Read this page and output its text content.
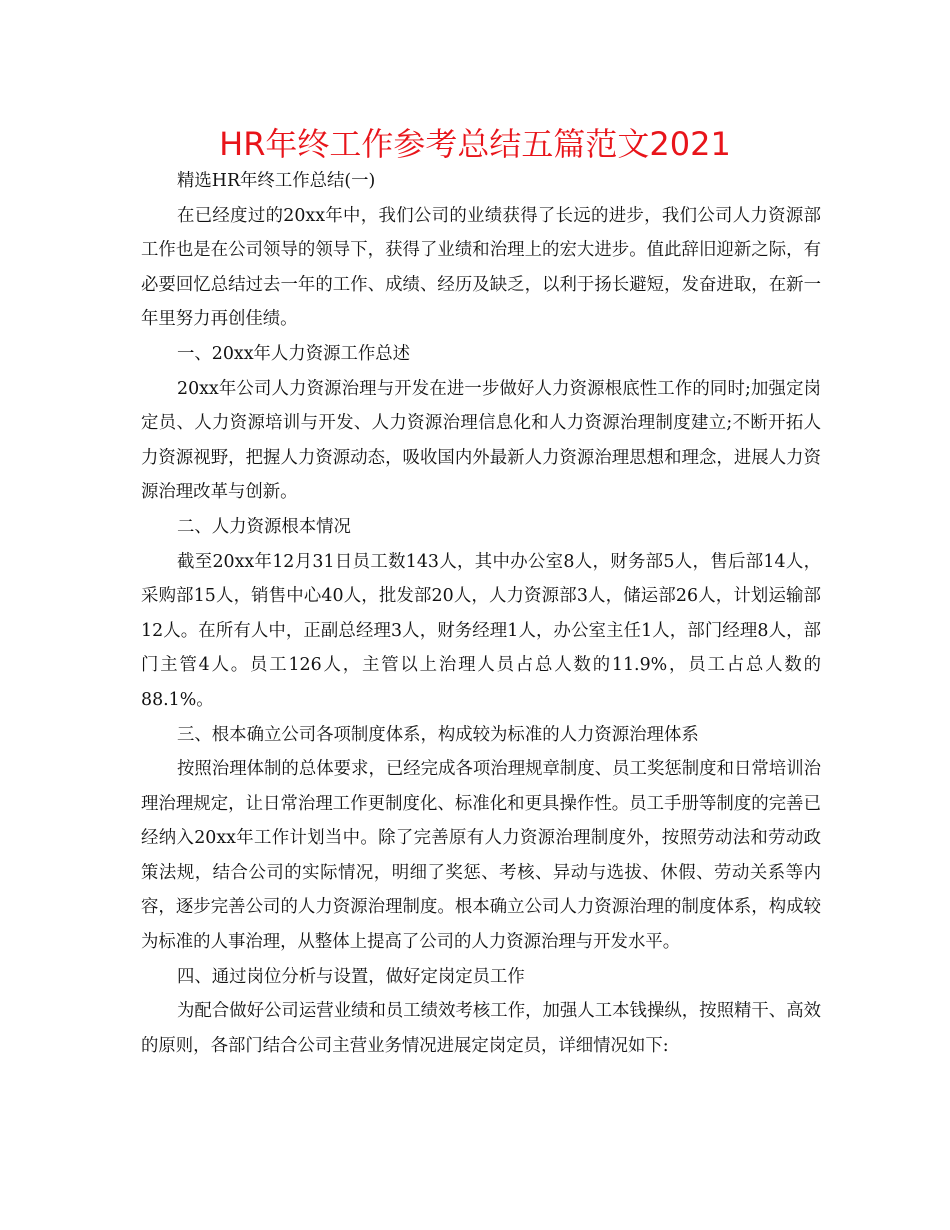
HR年终工作参考总结五篇范文2021

精选HR年终工作总结(一)

在已经度过的20xx年中，我们公司的业绩获得了长远的进步，我们公司人力资源部工作也是在公司领导的领导下，获得了业绩和治理上的宏大进步。值此辞旧迎新之际，有必要回忆总结过去一年的工作、成绩、经历及缺乏，以利于扬长避短，发奋进取，在新一年里努力再创佳绩。

一、20xx年人力资源工作总述

20xx年公司人力资源治理与开发在进一步做好人力资源根底性工作的同时;加强定岗定员、人力资源培训与开发、人力资源治理信息化和人力资源治理制度建立;不断开拓人力资源视野，把握人力资源动态，吸收国内外最新人力资源治理思想和理念，进展人力资源治理改革与创新。

二、人力资源根本情况

截至20xx年12月31日员工数143人，其中办公室8人，财务部5人，售后部14人，采购部15人，销售中心40人，批发部20人，人力资源部3人，储运部26人，计划运输部12人。在所有人中，正副总经理3人，财务经理1人，办公室主任1人，部门经理8人，部门主管4人。员工126人，主管以上治理人员占总人数的11.9%，员工占总人数的88.1%。

三、根本确立公司各项制度体系，构成较为标准的人力资源治理体系

按照治理体制的总体要求，已经完成各项治理规章制度、员工奖惩制度和日常培训治理治理规定，让日常治理工作更制度化、标准化和更具操作性。员工手册等制度的完善已经纳入20xx年工作计划当中。除了完善原有人力资源治理制度外，按照劳动法和劳动政策法规，结合公司的实际情况，明细了奖惩、考核、异动与选拔、休假、劳动关系等内容，逐步完善公司的人力资源治理制度。根本确立公司人力资源治理的制度体系，构成较为标准的人事治理，从整体上提高了公司的人力资源治理与开发水平。

四、通过岗位分析与设置，做好定岗定员工作

为配合做好公司运营业绩和员工绩效考核工作，加强人工本钱操纵，按照精干、高效的原则，各部门结合公司主营业务情况进展定岗定员，详细情况如下:
